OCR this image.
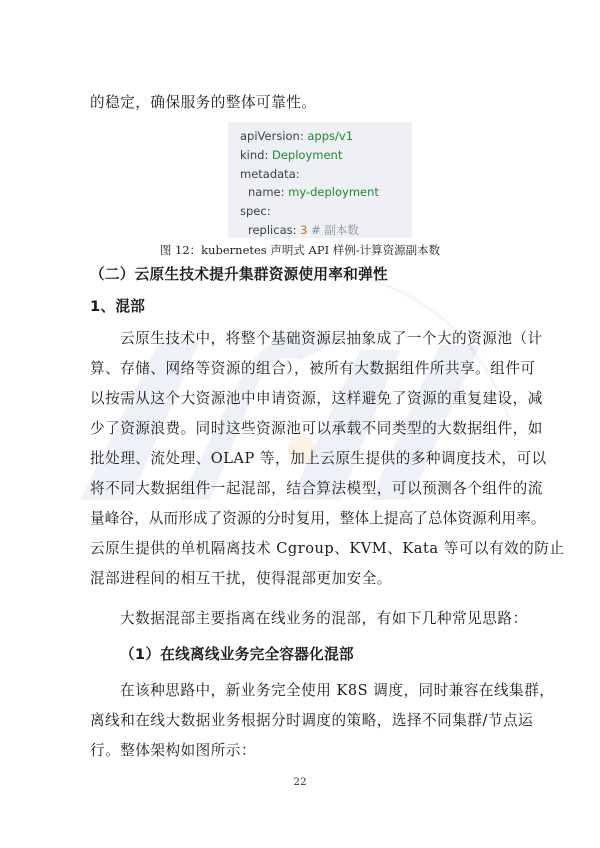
的稳定，确保服务的整体可靠性。
apiVersion: apps/v1
kind: Deployment
metadata:
name: my-deployment
spec:
replicas: 3 # 副本数
图 12：kubernetes 声明式 API 样例-计算资源副本数
（二）云原生技术提升集群资源使用率和弹性
1、混部
云原生技术中，将整个基础资源层抽象成了一个大的资源池（计
算、存储、网络等资源的组合），被所有大数据组件所共享。组件可
以按需从这个大资源池中申请资源，这样避免了资源的重复建设，减
少了资源浪费。同时这些资源池可以承载不同类型的大数据组件，如
批处理、流处理、OLAP 等，加上云原生提供的多种调度技术，可以
将不同大数据组件一起混部，结合算法模型，可以预测各个组件的流
量峰谷，从而形成了资源的分时复用，整体上提高了总体资源利用率。
云原生提供的单机隔离技术 Cgroup、KVM、Kata 等可以有效的防止
混部进程间的相互干扰，使得混部更加安全。
大数据混部主要指离在线业务的混部，有如下几种常见思路：
（1）在线离线业务完全容器化混部
在该种思路中，新业务完全使用 K8S 调度，同时兼容在线集群，
离线和在线大数据业务根据分时调度的策略，选择不同集群/节点运
行。整体架构如图所示：
22
